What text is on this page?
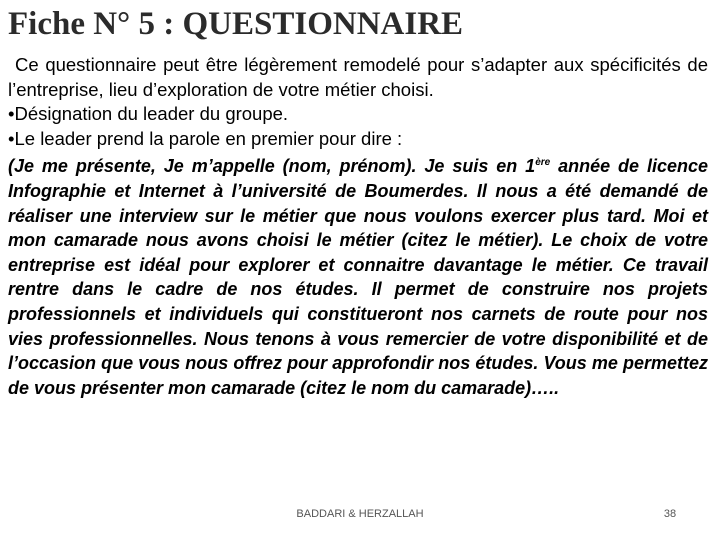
Fiche N° 5 : QUESTIONNAIRE

Ce questionnaire peut être légèrement remodelé pour s’adapter aux spécificités de l’entreprise, lieu d’exploration de votre métier choisi.

•Désignation du leader du groupe.

•Le leader prend la parole en premier pour dire :

(Je me présente, Je m’appelle (nom, prénom). Je suis en 1ère année de licence Infographie et Internet à l’université de Boumerdes. Il nous a été demandé de réaliser une interview sur le métier que nous voulons exercer plus tard. Moi et mon camarade nous avons choisi le métier (citez le métier). Le choix de votre entreprise est idéal pour explorer et connaitre davantage le métier. Ce travail rentre dans le cadre de nos études. Il permet de construire nos projets professionnels et individuels qui constitueront nos carnets de route pour nos vies professionnelles. Nous tenons à vous remercier de votre disponibilité et de l’occasion que vous nous offrez pour approfondir nos études. Vous me permettez de vous présenter mon camarade (citez le nom du camarade)…..

BADDARI & HERZALLAH	38
